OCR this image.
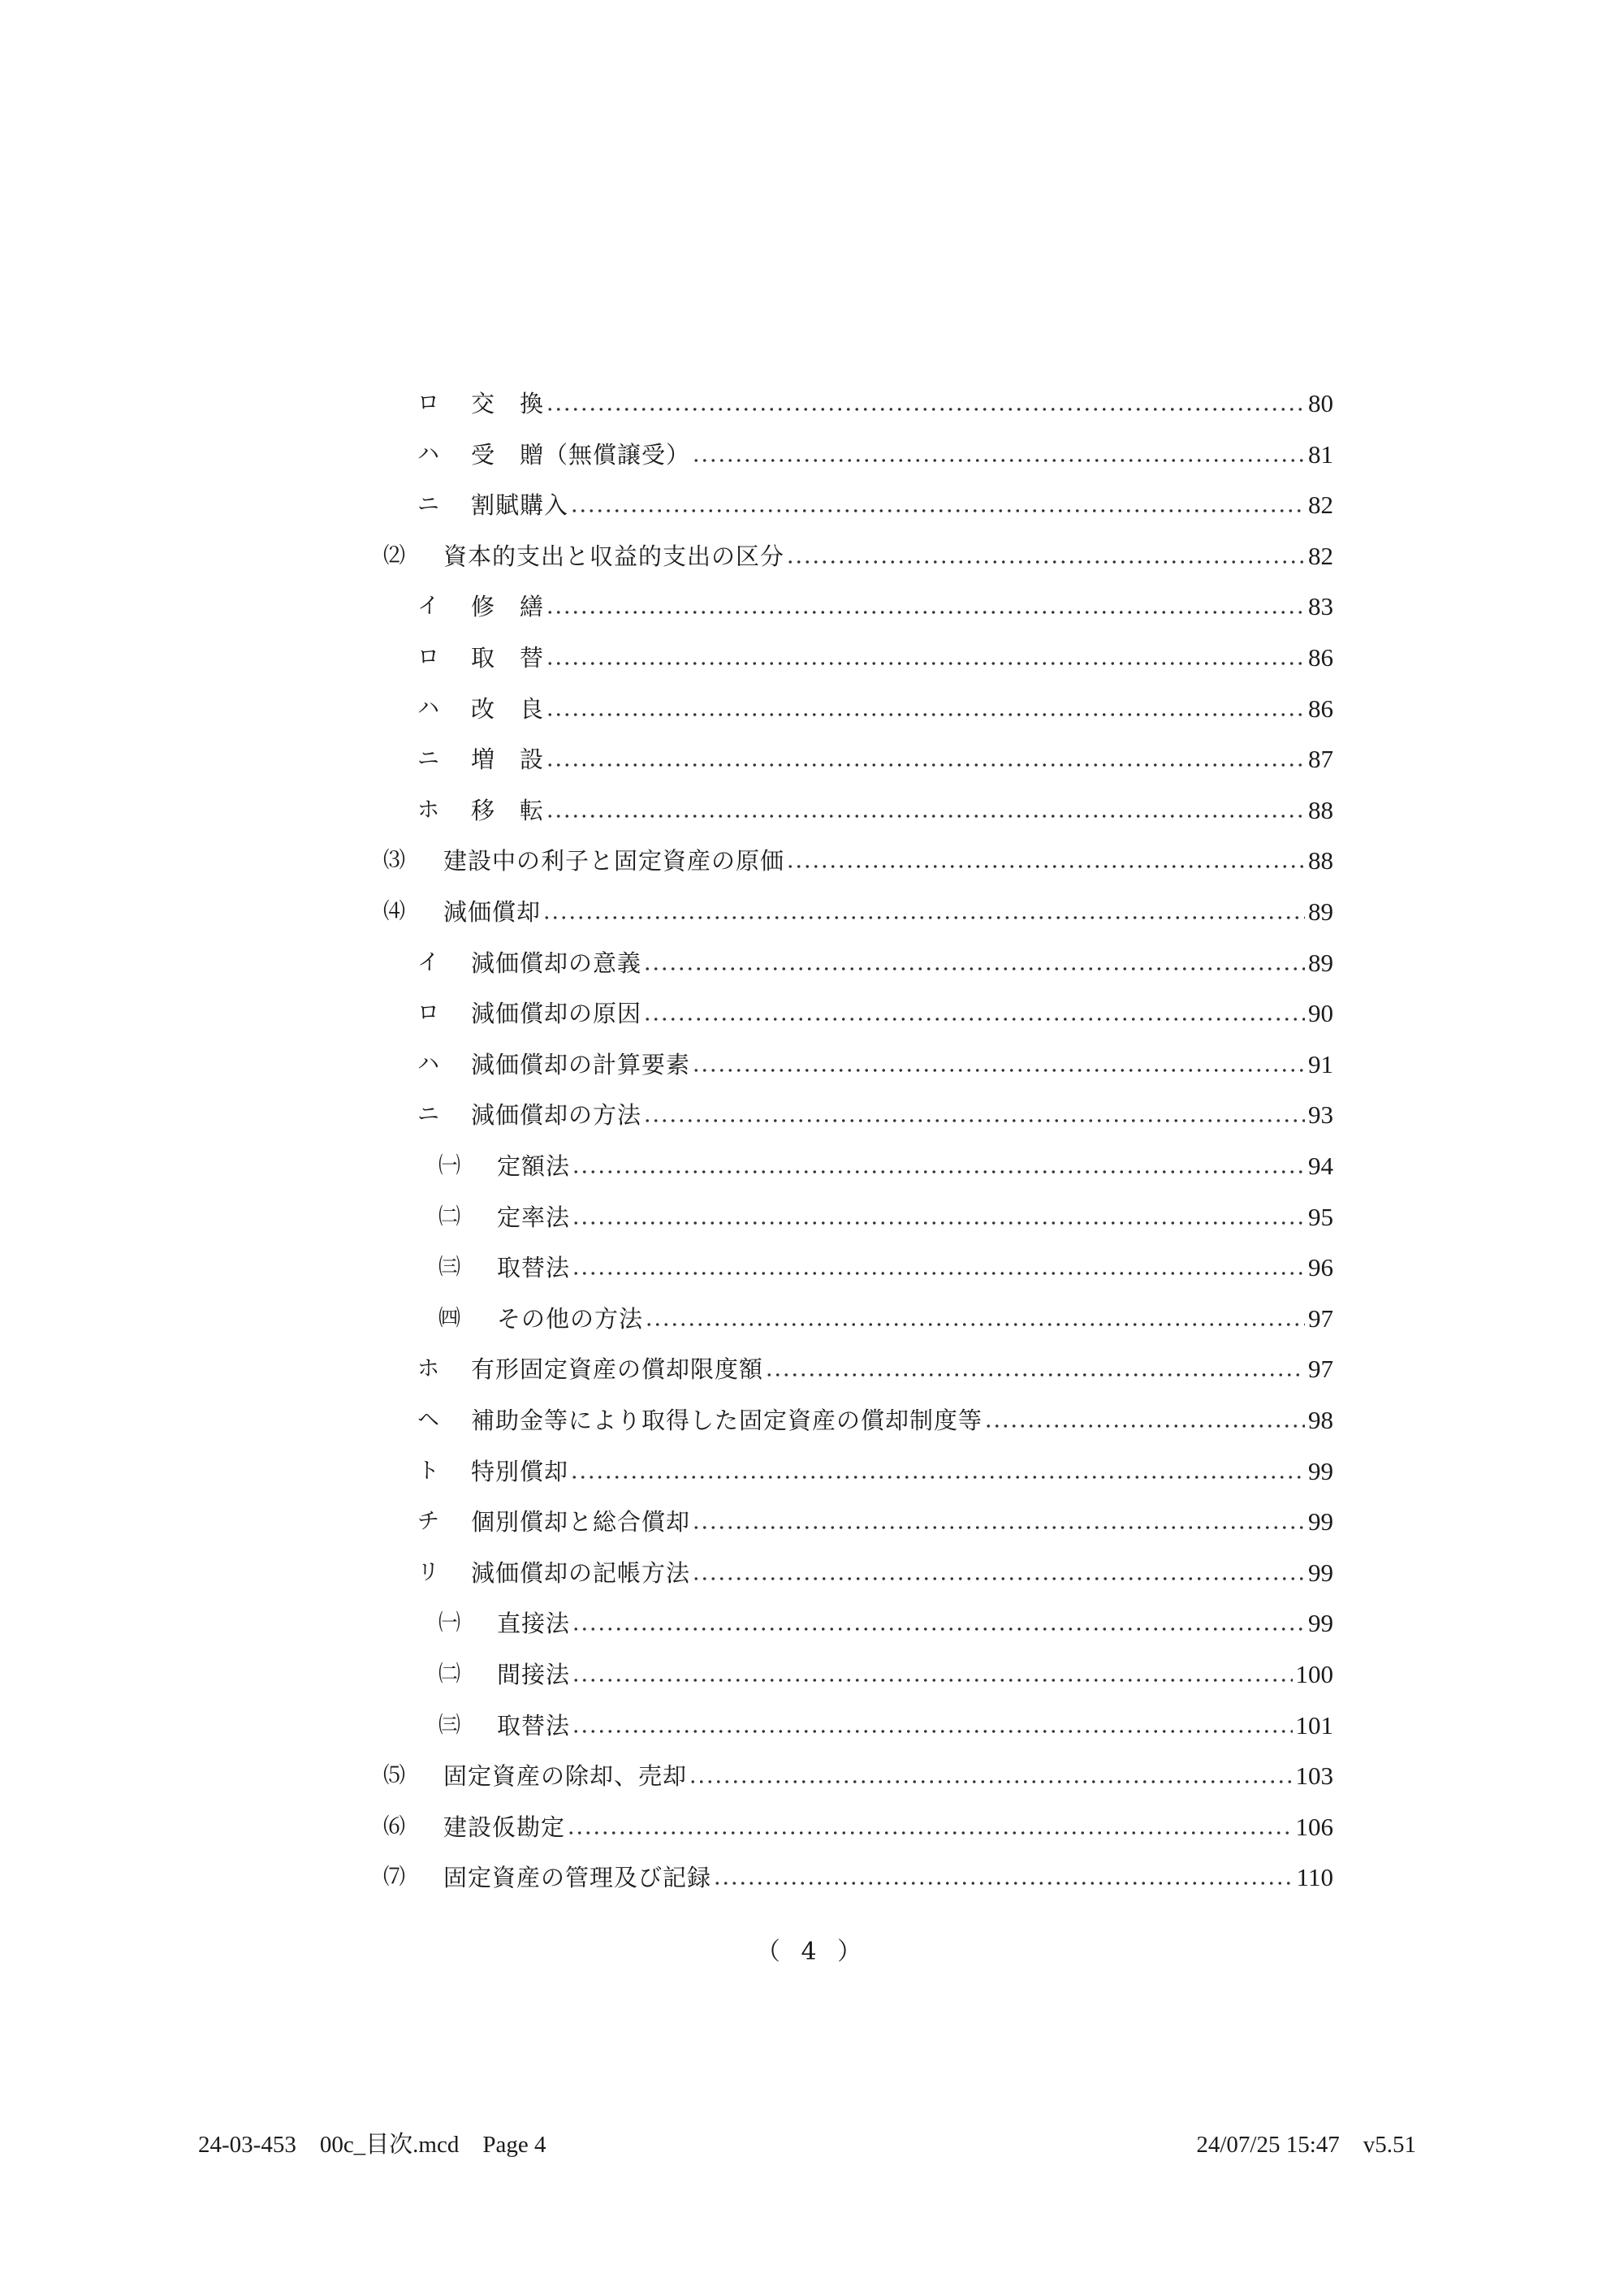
ロ	交　換	80
ハ	受　贈（無償譲受）	81
ニ	割賦購入	82
⑵	資本的支出と収益的支出の区分	82
イ	修　繕	83
ロ	取　替	86
ハ	改　良	86
ニ	増　設	87
ホ	移　転	88
⑶	建設中の利子と固定資産の原価	88
⑷	減価償却	89
イ	減価償却の意義	89
ロ	減価償却の原因	90
ハ	減価償却の計算要素	91
ニ	減価償却の方法	93
㈠	定額法	94
㈡	定率法	95
㈢	取替法	96
㈣	その他の方法	97
ホ	有形固定資産の償却限度額	97
ヘ	補助金等により取得した固定資産の償却制度等	98
ト	特別償却	99
チ	個別償却と総合償却	99
リ	減価償却の記帳方法	99
㈠	直接法	99
㈡	間接法	100
㈢	取替法	101
⑸	固定資産の除却、売却	103
⑹	建設仮勘定	106
⑺	固定資産の管理及び記録	110
（ 4 ）
24-03-453　00c_目次.mcd　Page 4	24/07/25 15:47　v5.51
